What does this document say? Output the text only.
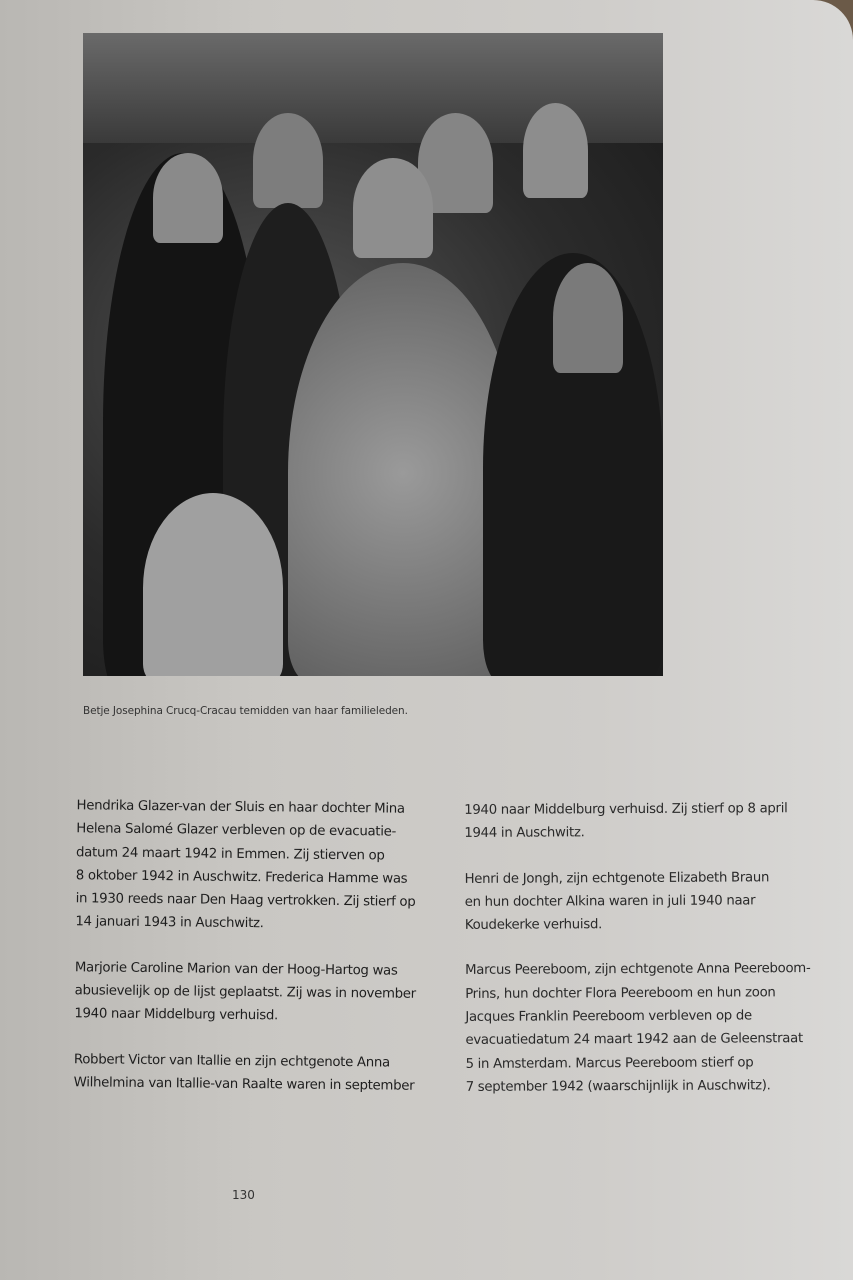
Betje Josephina Crucq-Cracau temidden van haar familieleden.

Hendrika Glazer-van der Sluis en haar dochter Mina
Helena Salomé Glazer verbleven op de evacuatie-
datum 24 maart 1942 in Emmen. Zij stierven op
8 oktober 1942 in Auschwitz. Frederica Hamme was
in 1930 reeds naar Den Haag vertrokken. Zij stierf op
14 januari 1943 in Auschwitz.

Marjorie Caroline Marion van der Hoog-Hartog was
abusievelijk op de lijst geplaatst. Zij was in november
1940 naar Middelburg verhuisd.

Robbert Victor van Itallie en zijn echtgenote Anna
Wilhelmina van Itallie-van Raalte waren in september

1940 naar Middelburg verhuisd. Zij stierf op 8 april
1944 in Auschwitz.

Henri de Jongh, zijn echtgenote Elizabeth Braun
en hun dochter Alkina waren in juli 1940 naar
Koudekerke verhuisd.

Marcus Peereboom, zijn echtgenote Anna Peereboom-
Prins, hun dochter Flora Peereboom en hun zoon
Jacques Franklin Peereboom verbleven op de
evacuatiedatum 24 maart 1942 aan de Geleenstraat
5 in Amsterdam. Marcus Peereboom stierf op
7 september 1942 (waarschijnlijk in Auschwitz).

130
